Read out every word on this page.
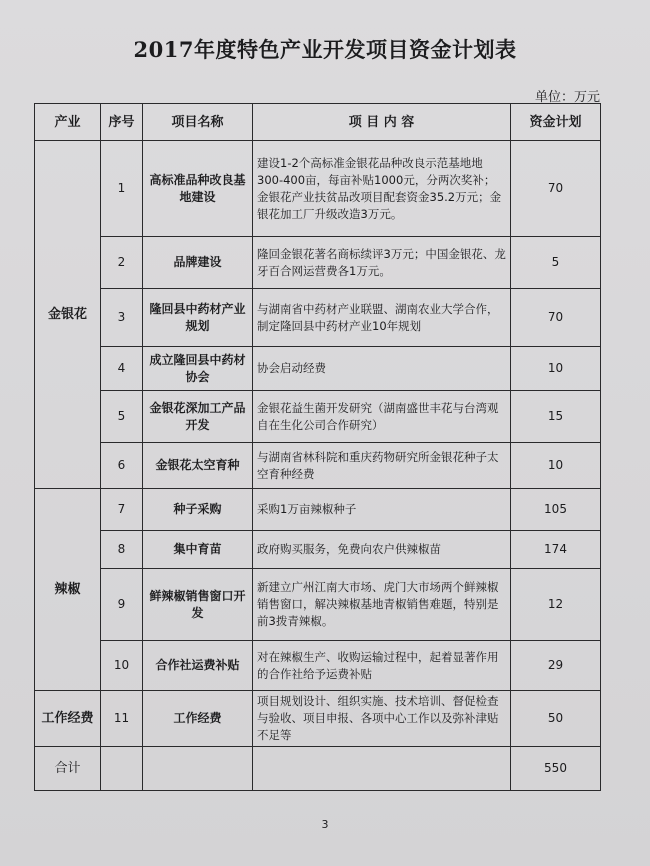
2017年度特色产业开发项目资金计划表
单位：万元
产业	序号	项目名称	项 目 内 容	资金计划
金银花	1	高标准品种改良基地建设	建设1-2个高标准金银花品种改良示范基地地300-400亩，每亩补贴1000元，分两次奖补；金银花产业扶贫品改项目配套资金35.2万元；金银花加工厂升级改造3万元。	70
	2	品牌建设	隆回金银花著名商标续评3万元；中国金银花、龙牙百合网运营费各1万元。	5
	3	隆回县中药材产业规划	与湖南省中药材产业联盟、湖南农业大学合作，制定隆回县中药材产业10年规划	70
	4	成立隆回县中药材协会	协会启动经费	10
	5	金银花深加工产品开发	金银花益生菌开发研究（湖南盛世丰花与台湾观自在生化公司合作研究）	15
	6	金银花太空育种	与湖南省林科院和重庆药物研究所金银花种子太空育种经费	10
辣椒	7	种子采购	采购1万亩辣椒种子	105
	8	集中育苗	政府购买服务，免费向农户供辣椒苗	174
	9	鲜辣椒销售窗口开发	新建立广州江南大市场、虎门大市场两个鲜辣椒销售窗口，解决辣椒基地青椒销售难题，特别是前3拨青辣椒。	12
	10	合作社运费补贴	对在辣椒生产、收购运输过程中，起着显著作用的合作社给予运费补贴	29
工作经费	11	工作经费	项目规划设计、组织实施、技术培训、督促检查与验收、项目申报、各项中心工作以及弥补津贴不足等	50
合计				550
3
